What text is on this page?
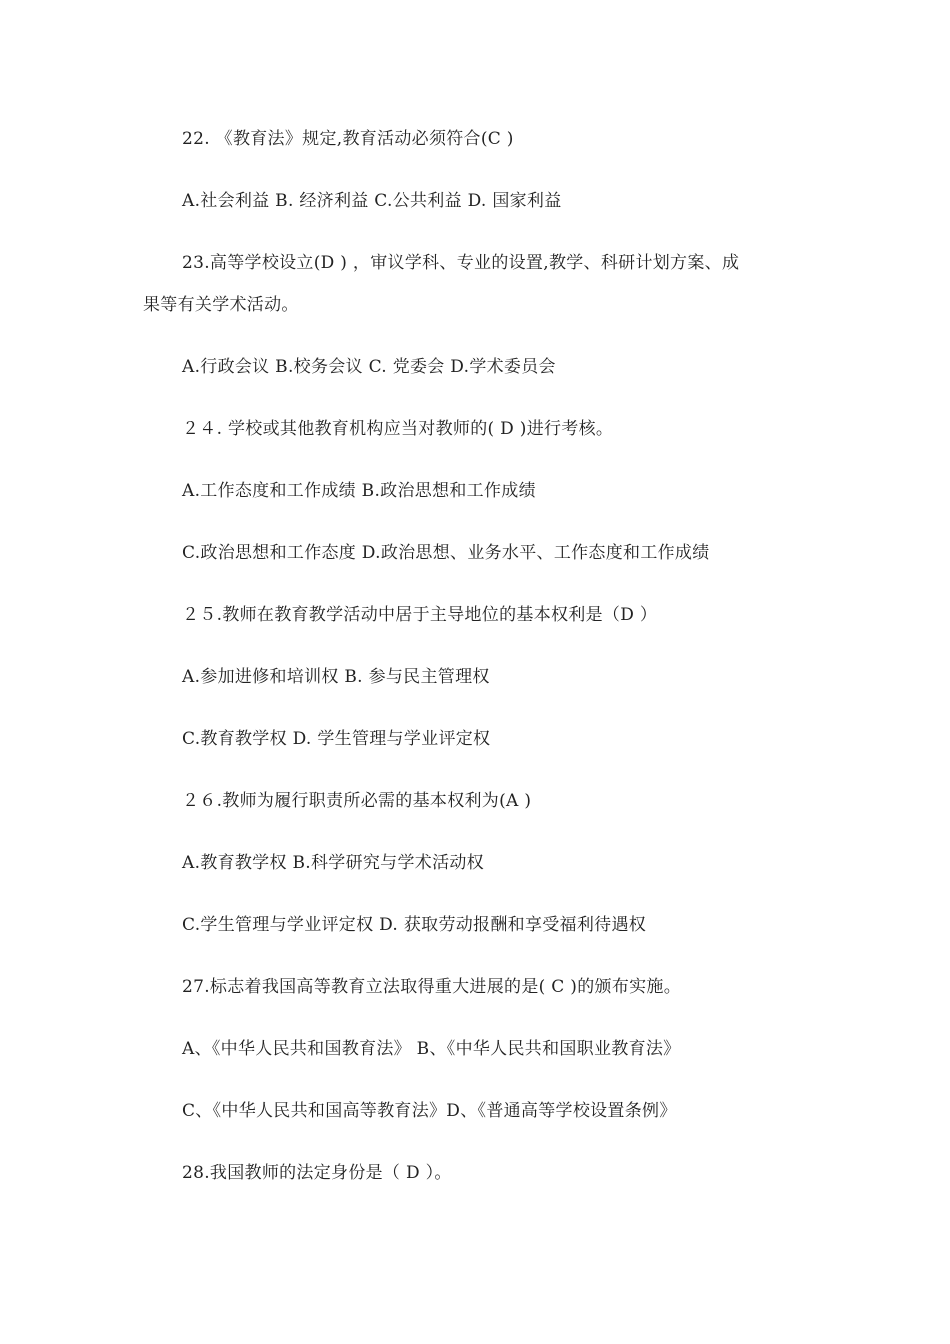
22. 《教育法》规定,教育活动必须符合(C )
A.社会利益 B. 经济利益 C.公共利益 D. 国家利益
23.高等学校设立(D ) ，审议学科、专业的设置,教学、科研计划方案、成
果等有关学术活动。
A.行政会议 B.校务会议 C. 党委会 D.学术委员会
２４. 学校或其他教育机构应当对教师的( D )进行考核。
A.工作态度和工作成绩 B.政治思想和工作成绩
C.政治思想和工作态度 D.政治思想、业务水平、工作态度和工作成绩
２５.教师在教育教学活动中居于主导地位的基本权利是（D ）
A.参加进修和培训权 B. 参与民主管理权
C.教育教学权 D. 学生管理与学业评定权
２６.教师为履行职责所必需的基本权利为(A )
A.教育教学权 B.科学研究与学术活动权
C.学生管理与学业评定权 D. 获取劳动报酬和享受福利待遇权
27.标志着我国高等教育立法取得重大进展的是( C )的颁布实施。
A、《中华人民共和国教育法》 B、《中华人民共和国职业教育法》
C、《中华人民共和国高等教育法》D、《普通高等学校设置条例》
28.我国教师的法定身份是（ D ）。
